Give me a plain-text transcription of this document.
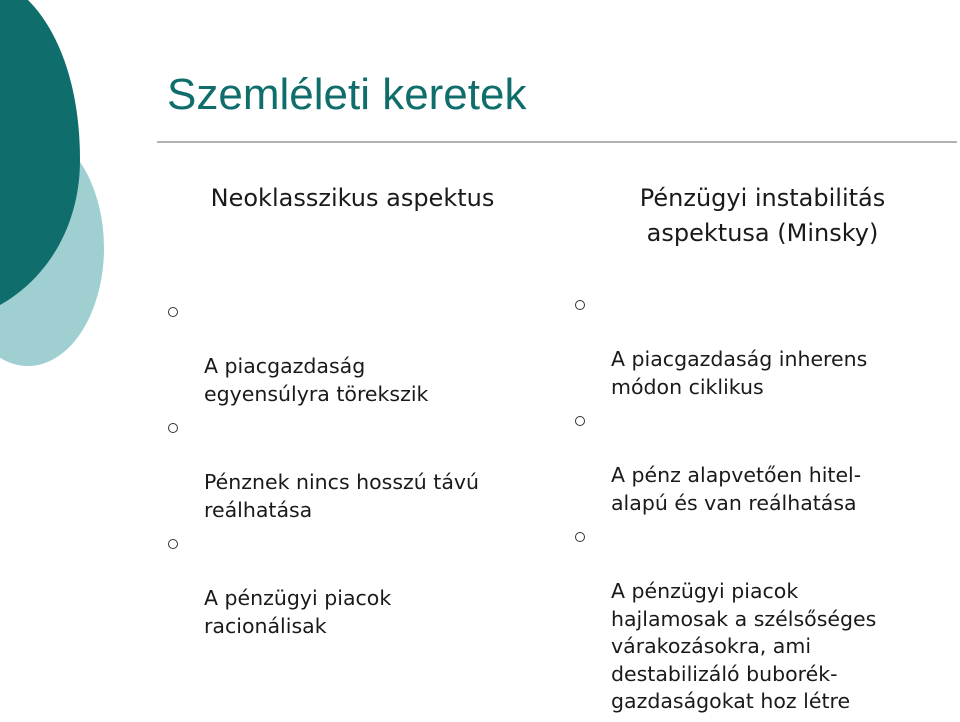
Szemléleti keretek
Neoklasszikus aspektus	Pénzügyi instabilitás
aspektusa (Minsky)

A piacgazdaság
egyensúlyra törekszik

Pénznek nincs hosszú távú
reálhatása

A pénzügyi piacok
racionálisak

A piacgazdaság inherens
módon ciklikus

A pénz alapvetően hitel-
alapú és van reálhatása

A pénzügyi piacok
hajlamosak a szélsőséges
várakozásokra, ami
destabilizáló buborék-
gazdaságokat hoz létre
